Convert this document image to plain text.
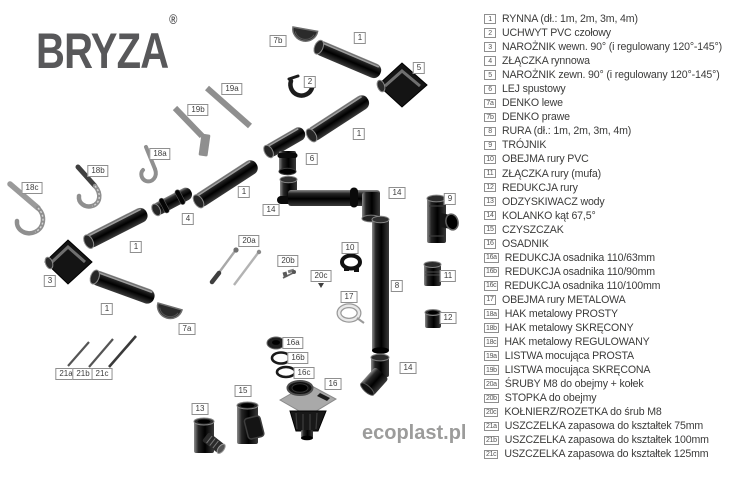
7b	1
5
2
19a
19b
1
18a
6
18b
18c	1
14
14
9
4
20a
1	10
20b
20c	11
3
8
17
1
12
7a
16a
16b
14
16c
21a 21b 21c
16
15
13
BRYZA®	1 RYNNA (dł.: 1m, 2m, 3m, 4m)
2 UCHWYT PVC czołowy
3 NAROŻNIK wewn. 90° (i regulowany 120°-145°)
4 ZŁĄCZKA rynnowa
5 NAROŻNIK zewn. 90° (i regulowany 120°-145°)
6 LEJ spustowy
7a DENKO lewe
7b DENKO prawe
8 RURA (dł.: 1m, 2m, 3m, 4m)
9 TRÓJNIK
10 OBEJMA rury PVC
11 ZŁĄCZKA rury (mufa)
12 REDUKCJA rury
13 ODZYSKIWACZ wody
14 KOLANKO kąt 67,5°
15 CZYSZCZAK
16 OSADNIK
16a REDUKCJA osadnika 110/63mm
16b REDUKCJA osadnika 110/90mm
16c REDUKCJA osadnika 110/100mm
17 OBEJMA rury METALOWA
18a HAK metalowy PROSTY
18b HAK metalowy SKRĘCONY
18c HAK metalowy REGULOWANY
19a LISTWA mocująca PROSTA
19b LISTWA mocująca SKRĘCONA
20a ŚRUBY M8 do obejmy + kołek
20b STOPKA do obejmy
20c KOŁNIERZ/ROZETKA do śrub M8
21a USZCZELKA zapasowa do kształtek 75mm
21b USZCZELKA zapasowa do kształtek 100mm
21c USZCZELKA zapasowa do kształtek 125mm
ecoplast.pl
